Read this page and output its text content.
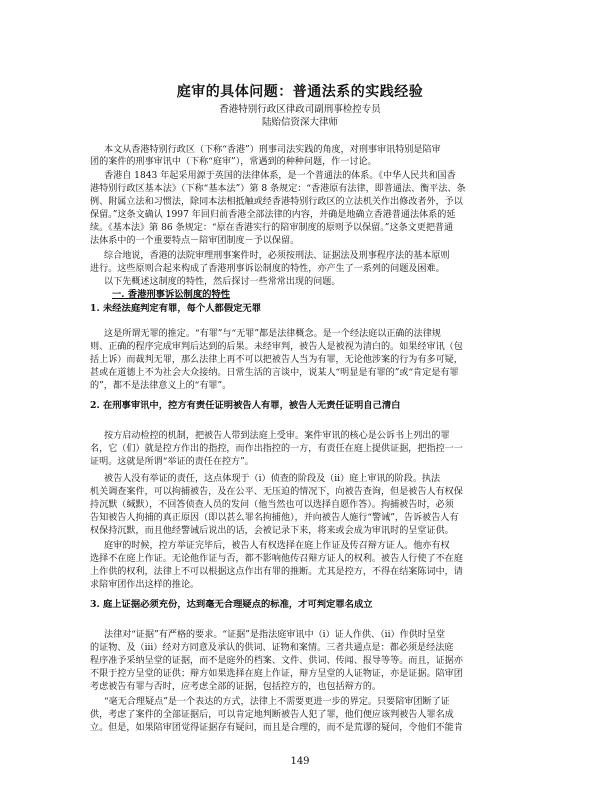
庭审的具体问题：普通法系的实践经验
香港特别行政区律政司副刑事检控专员
陆贻信资深大律师
本文从香港特别行政区（下称“香港”）刑事司法实践的角度，对刑事审讯特别是陪审
团的案件的刑事审讯中（下称“庭审”），常遇到的种种问题，作一讨论。
香港自 1843 年起采用源于英国的法律体系，是一个普通法的体系。《中华人民共和国香
港特别行政区基本法》（下称“基本法”）第 8 条规定：“香港原有法律，即普通法、衡平法、条
例、附属立法和习惯法，除同本法相抵触或经香港特别行政区的立法机关作出修改者外，予以
保留。”这条文确认 1997 年回归前香港全部法律的内容，并确是地确立香港普通法体系的延
续。《基本法》第 86 条规定：“原在香港实行的陪审制度的原则予以保留。”这条文更把普通
法体系中的一个重要特点－陪审团制度－予以保留。
综合地说，香港的法院审理刑事案件时，必须按刑法、证据法及刑事程序法的基本原则
进行。这些原则合起来构成了香港刑事诉讼制度的特性，亦产生了一系列的问题及困难。
以下先概述这制度的特性，然后探讨一些常常出现的问题。
一. 香港刑事诉讼制度的特性
1. 未经法庭判定有罪，每个人都假定无罪
这是所谓无罪的推定。“有罪”与“无罪”都是法律概念。是一个经法庭以正确的法律规
则、正确的程序完成审判后达到的后果。未经审判，被告人是被视为清白的。如果经审讯（包
括上诉）而裁判无罪，那么法律上再不可以把被告人当为有罪，无论他涉案的行为有多可疑，
甚或在道德上不为社会大众接纳。日常生活的言谈中，说某人“明显是有罪的”或“肯定是有罪
的”，都不是法律意义上的“有罪”。
2. 在刑事审讯中，控方有责任证明被告人有罪，被告人无责任证明自己清白
按方启动检控的机制，把被告人带到法庭上受审。案件审讯的核心是公诉书上列出的罪
名，它（们）就是控方作出的指控，而作出指控的一方，有责任在庭上提供证据，把指控一一
证明。这就是所谓“举证的责任在控方”。
被告人没有举证的责任，这点体现于（i）侦查的阶段及（ii）庭上审讯的阶段。执法
机关调查案件，可以拘捕被告，及在公平、无压迫的情况下，向被告查询，但是被告人有权保
持沉默（缄默），不回答侦查人员的发问（他当然也可以选择自愿作答）。拘捕被告时，必须
告知被告人拘捕的真正原因（即以甚么罪名拘捕他），并向被告人施行“警诫”，告诉被告人有
权保持沉默，而且他经警诫后说出的话，会被记录下来，将来或会成为审讯时的呈堂证供。
庭审的时候，控方举证完毕后，被告人有权选择在庭上作证及传召辩方证人。他亦有权
选择不在庭上作证。无论他作证与否，都不影响他传召辩方证人的权利。被告人行使了不在庭
上作供的权利，法律上不可以根据这点作出有罪的推断。尤其是控方，不得在结案陈词中，请
求陪审团作出这样的推论。
3. 庭上证据必须充份，达到毫无合理疑点的标准，才可判定罪名成立
法律对“证据”有严格的要求。“证据”是指法庭审讯中（i）证人作供、（ii）作供时呈堂
的证物、及（iii）经对方同意及承认的供词、证物和案情。三者共通点是：都必须是经法庭
程序准予采纳呈堂的证据，而不是庭外的档案、文件、供词、传闻、报导等等。而且，证据亦
不限于控方呈堂的证供；辩方如果选择在庭上作证，辩方呈堂的人证物证，亦是证据。陪审团
考虑被告有罪与否时，应考虑全部的证据，包括控方的，也包括辩方的。
“毫无合理疑点”是一个表达的方式，法律上不需要更进一步的界定。只要陪审团断了证
供，考虑了案件的全部证据后，可以肯定地判断被告人犯了罪，他们便应该判被告人罪名成
立。但是，如果陪审团觉得证据存有疑问，而且是合理的，而不是荒谬的疑问，令他们不能肯
149
